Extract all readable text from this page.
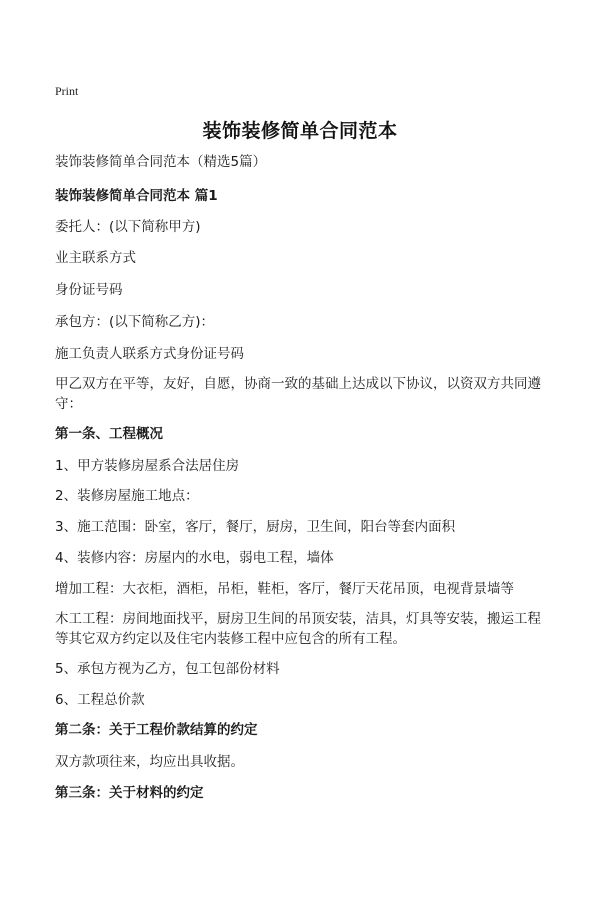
Print
装饰装修简单合同范本
装饰装修简单合同范本（精选5篇）
装饰装修简单合同范本 篇1
委托人：(以下简称甲方)
业主联系方式
身份证号码
承包方：(以下简称乙方)：
施工负责人联系方式身份证号码
甲乙双方在平等，友好，自愿，协商一致的基础上达成以下协议，以资双方共同遵守：
第一条、工程概况
1、甲方装修房屋系合法居住房
2、装修房屋施工地点：
3、施工范围：卧室，客厅，餐厅，厨房，卫生间，阳台等套内面积
4、装修内容：房屋内的水电，弱电工程，墙体
增加工程：大衣柜，酒柜，吊柜，鞋柜，客厅，餐厅天花吊顶，电视背景墙等
木工工程：房间地面找平，厨房卫生间的吊顶安装，洁具，灯具等安装，搬运工程等其它双方约定以及住宅内装修工程中应包含的所有工程。
5、承包方视为乙方，包工包部份材料
6、工程总价款
第二条：关于工程价款结算的约定
双方款项往来，均应出具收据。
第三条：关于材料的约定
